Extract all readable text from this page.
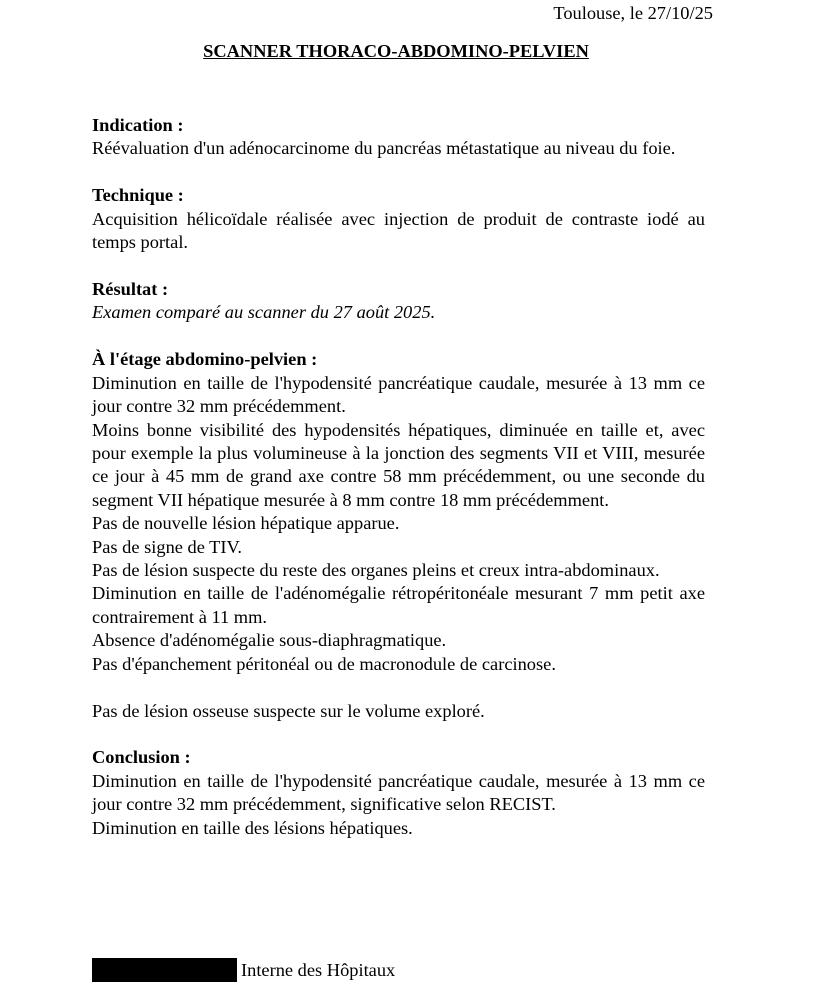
Toulouse, le 27/10/25
SCANNER THORACO-ABDOMINO-PELVIEN
Indication :
Réévaluation d'un adénocarcinome du pancréas métastatique au niveau du foie.
Technique :
Acquisition hélicoïdale réalisée avec injection de produit de contraste iodé au temps portal.
Résultat :
Examen comparé au scanner du 27 août 2025.
À l'étage abdomino-pelvien :
Diminution en taille de l'hypodensité pancréatique caudale, mesurée à 13 mm ce jour contre 32 mm précédemment.
Moins bonne visibilité des hypodensités hépatiques, diminuée en taille et, avec pour exemple la plus volumineuse à la jonction des segments VII et VIII, mesurée ce jour à 45 mm de grand axe contre 58 mm précédemment, ou une seconde du segment VII hépatique mesurée à 8 mm contre 18 mm précédemment.
Pas de nouvelle lésion hépatique apparue.
Pas de signe de TIV.
Pas de lésion suspecte du reste des organes pleins et creux intra-abdominaux.
Diminution en taille de l'adénomégalie rétropéritonéale mesurant 7 mm petit axe contrairement à 11 mm.
Absence d'adénomégalie sous-diaphragmatique.
Pas d'épanchement péritonéal ou de macronodule de carcinose.
Pas de lésion osseuse suspecte sur le volume exploré.
Conclusion :
Diminution en taille de l'hypodensité pancréatique caudale, mesurée à 13 mm ce jour contre 32 mm précédemment, significative selon RECIST.
Diminution en taille des lésions hépatiques.
Interne des Hôpitaux
